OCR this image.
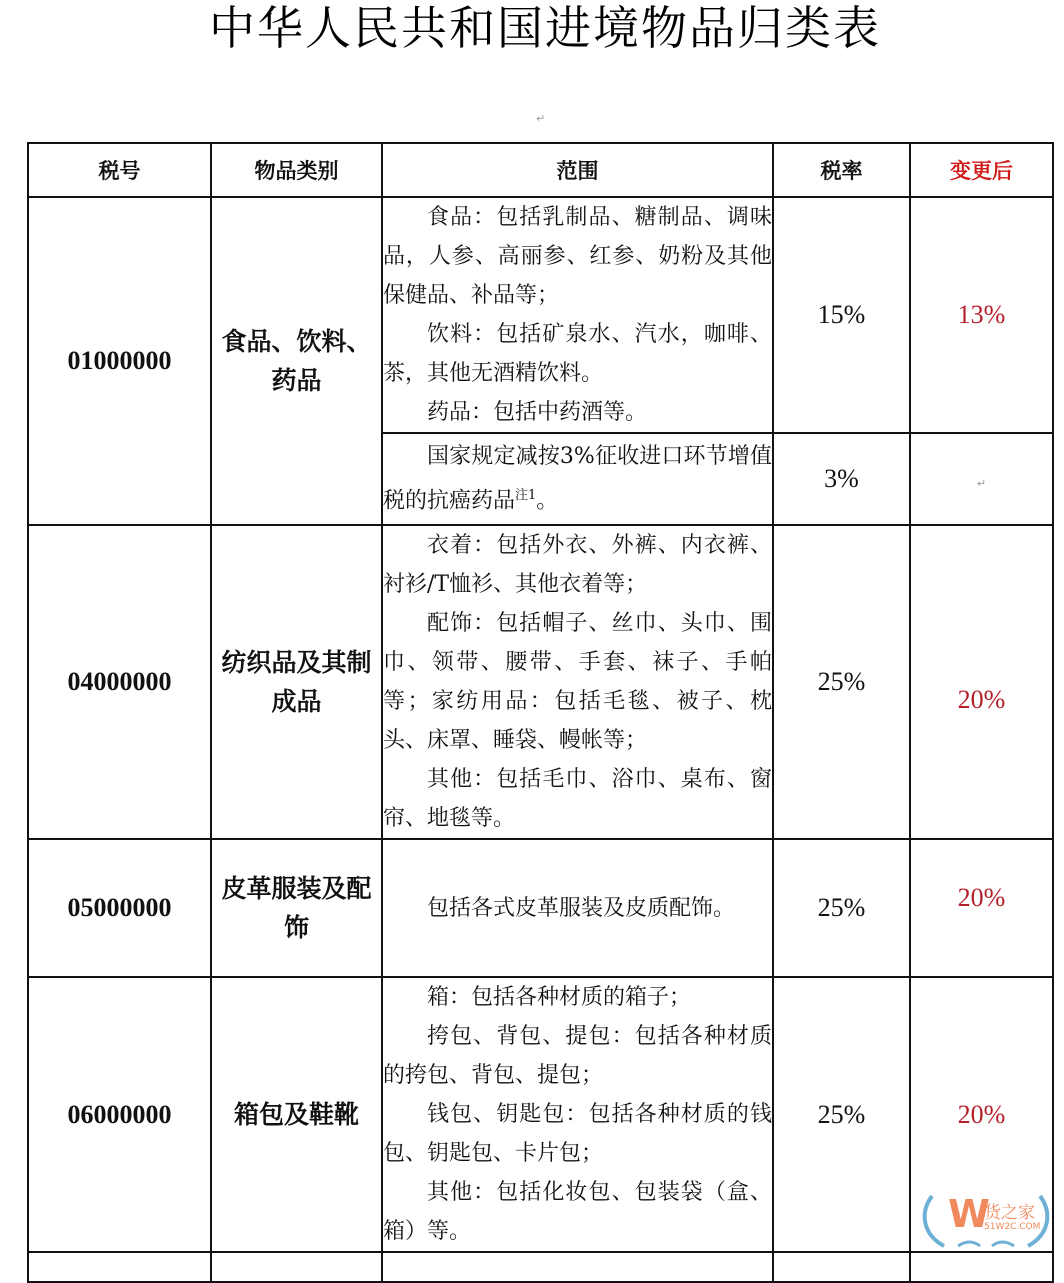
中华人民共和国进境物品归类表
↵
税号	物品类别	范围	税率	变更后
01000000	食品、饮料、药品	食品：包括乳制品、糖制品、调味品，人参、高丽参、红参、奶粉及其他保健品、补品等；

饮料：包括矿泉水、汽水，咖啡、茶，其他无酒精饮料。

药品：包括中药酒等。	15%	13%

		国家规定减按3%征收进口环节增值税的抗癌药品$^{注1}$。	3%	↵
04000000	纺织品及其制成品	衣着：包括外衣、外裤、内衣裤、衬衫/T恤衫、其他衣着等；

配饰：包括帽子、丝巾、头巾、围巾、领带、腰带、手套、袜子、手帕等；家纺用品：包括毛毯、被子、枕头、床罩、睡袋、幔帐等；

其他：包括毛巾、浴巾、桌布、窗帘、地毯等。	25%	20%
05000000	皮革服装及配饰	包括各式皮革服装及皮质配饰。	25%	20%
06000000	箱包及鞋靴	箱：包括各种材质的箱子；

挎包、背包、提包：包括各种材质的挎包、背包、提包；

钱包、钥匙包：包括各种材质的钱包、钥匙包、卡片包；

其他：包括化妆包、包装袋（盒、箱）等。	25%	20%

W
货之家
51W2C.COM
